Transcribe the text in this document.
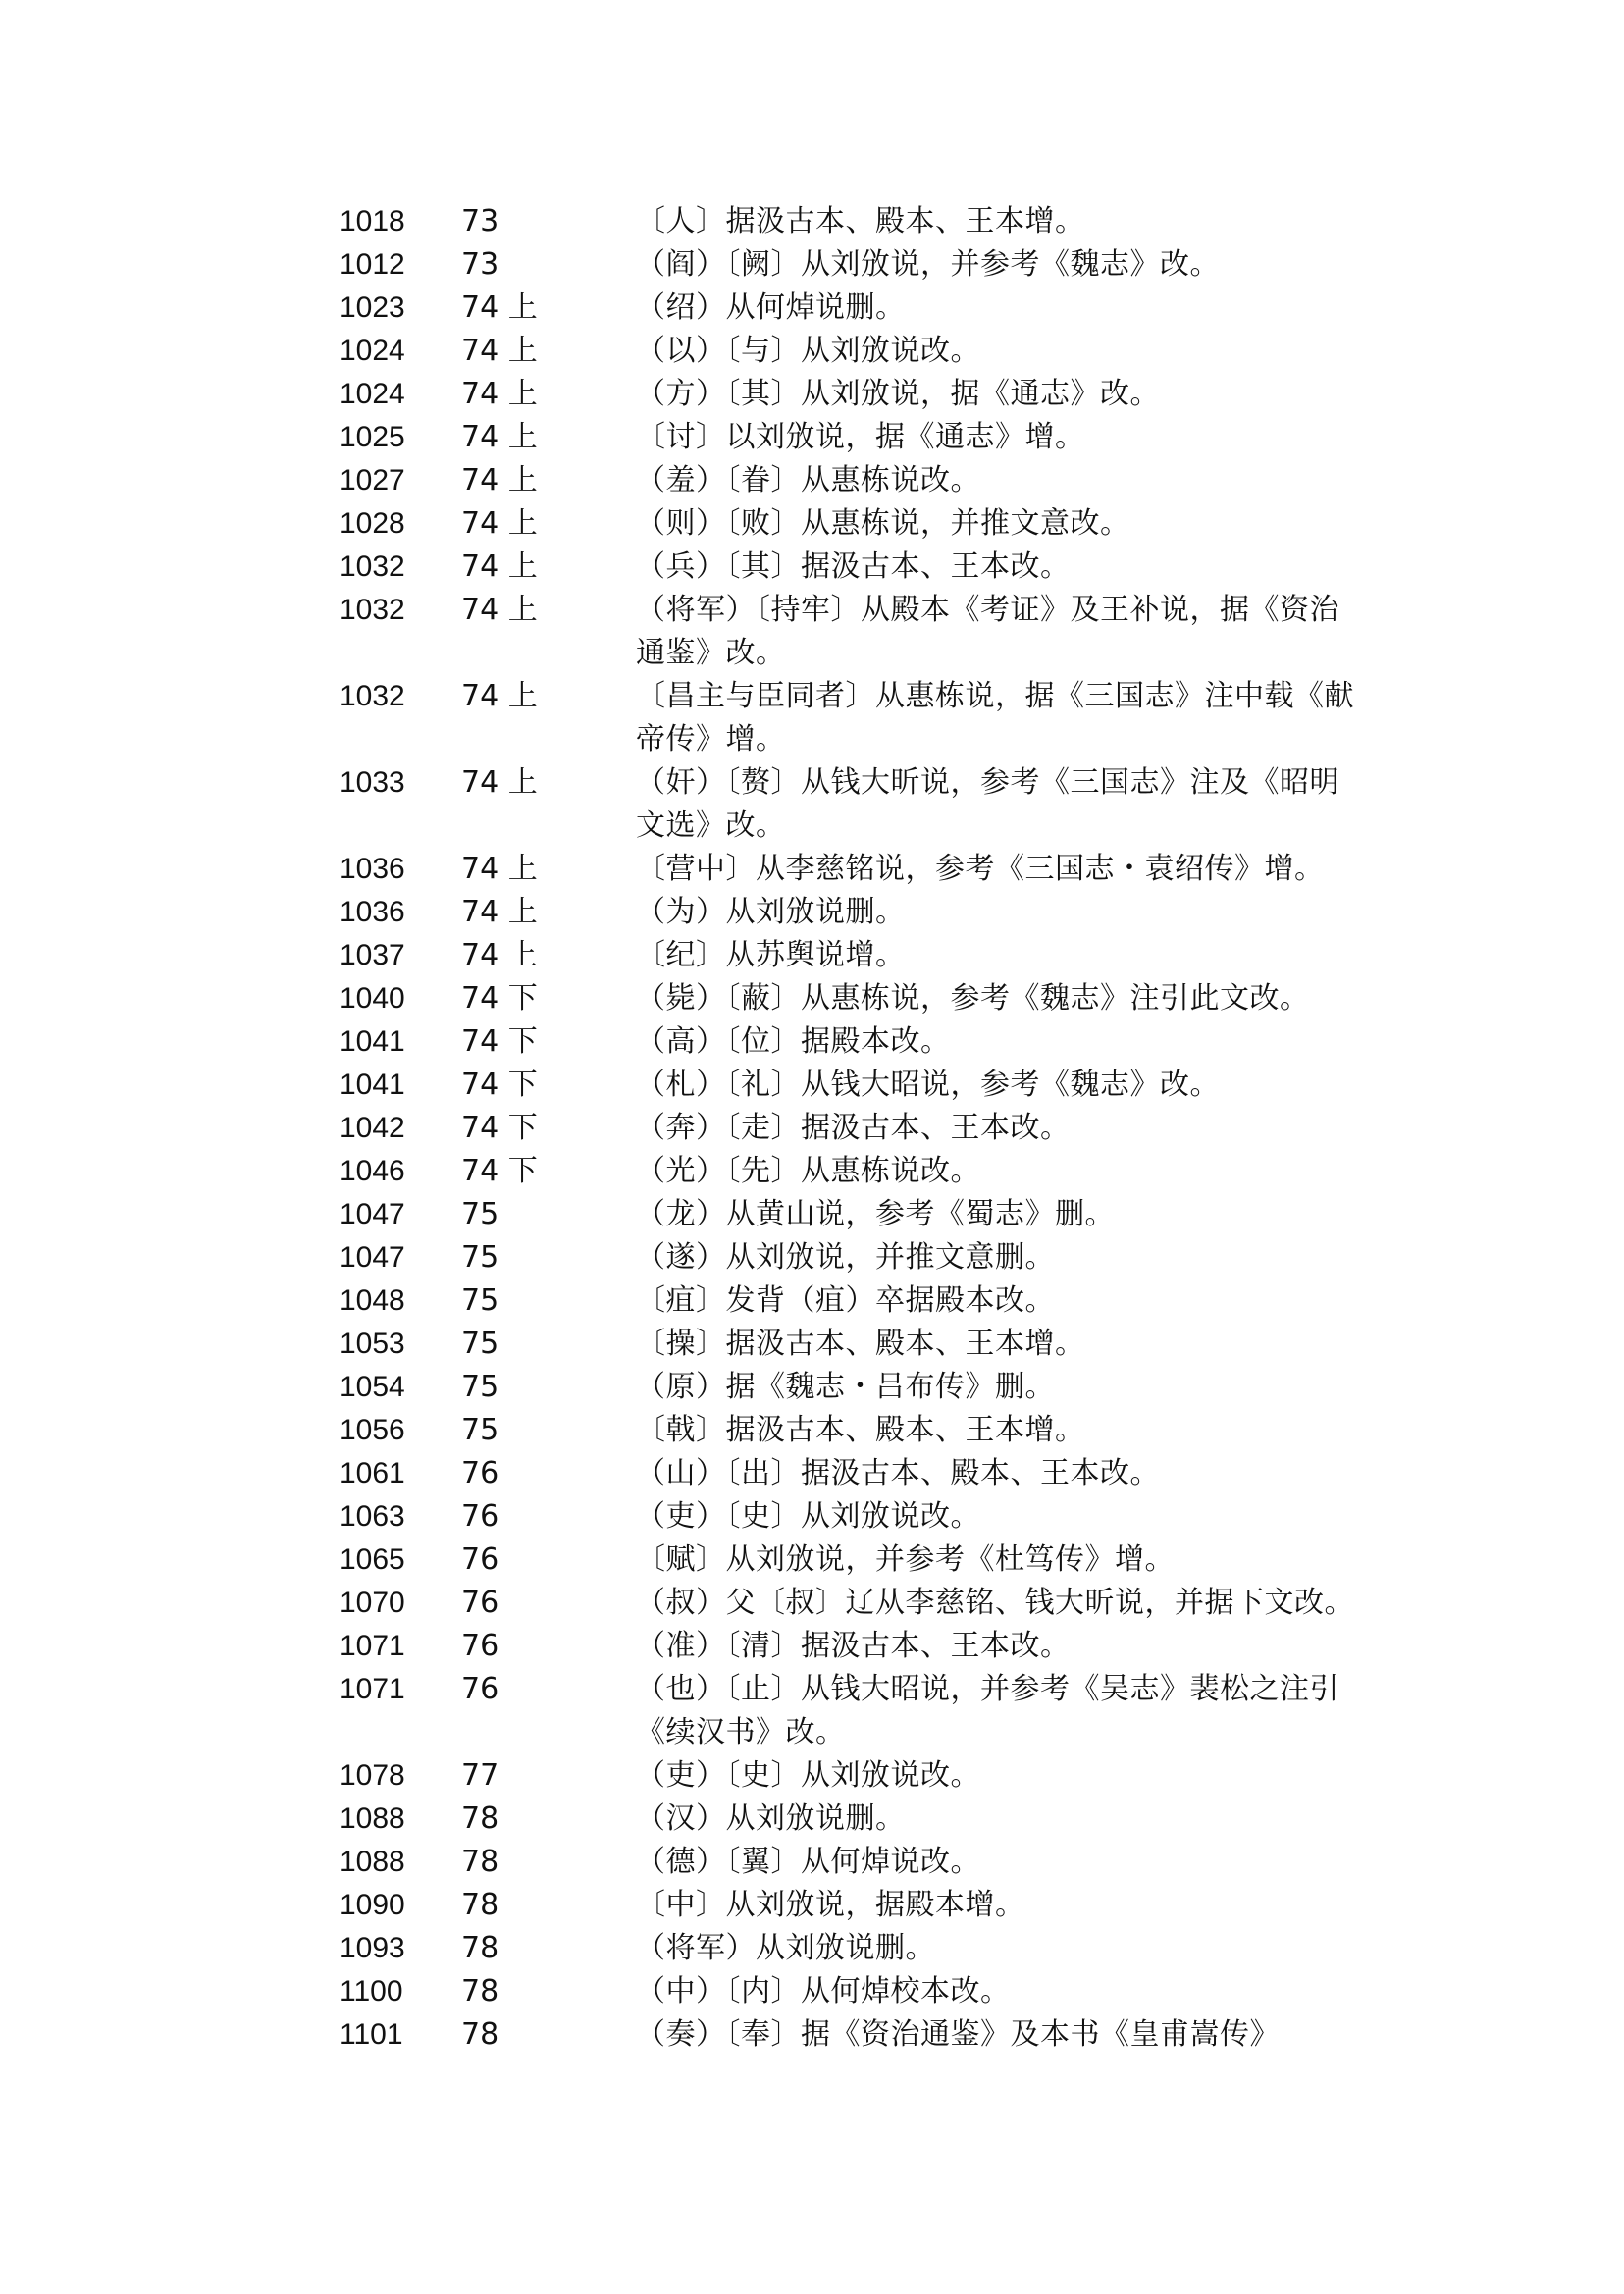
1018 73	〔人〕据汲古本、殿本、王本增。
1012 73	（阎）〔阙〕从刘攽说，并参考《魏志》改。
1023 74 上	（绍）从何焯说删。
1024 74 上	（以）〔与〕从刘攽说改。
1024 74 上	（方）〔其〕从刘攽说，据《通志》改。
1025 74 上	〔讨〕以刘攽说，据《通志》增。
1027 74 上	（羞）〔眷〕从惠栋说改。
1028 74 上	（则）〔败〕从惠栋说，并推文意改。
1032 74 上	（兵）〔其〕据汲古本、王本改。
1032 74 上	（将军）〔持牢〕从殿本《考证》及王补说，据《资治通鉴》改。
1032 74 上	〔昌主与臣同者〕从惠栋说，据《三国志》注中载《献帝传》增。
1033 74 上	（奸）〔赘〕从钱大昕说，参考《三国志》注及《昭明文选》改。
1036 74 上	〔营中〕从李慈铭说，参考《三国志・袁绍传》增。
1036 74 上	（为）从刘攽说删。
1037 74 上	〔纪〕从苏舆说增。
1040 74 下	（毙）〔蔽〕从惠栋说，参考《魏志》注引此文改。
1041 74 下	（高）〔位〕据殿本改。
1041 74 下	（札）〔礼〕从钱大昭说，参考《魏志》改。
1042 74 下	（奔）〔走〕据汲古本、王本改。
1046 74 下	（光）〔先〕从惠栋说改。
1047 75	（龙）从黄山说，参考《蜀志》删。
1047 75	（遂）从刘攽说，并推文意删。
1048 75	〔疽〕发背（疽）卒据殿本改。
1053 75	〔操〕据汲古本、殿本、王本增。
1054 75	（原）据《魏志・吕布传》删。
1056 75	〔戟〕据汲古本、殿本、王本增。
1061 76	（山）〔出〕据汲古本、殿本、王本改。
1063 76	（吏）〔史〕从刘攽说改。
1065 76	〔赋〕从刘攽说，并参考《杜笃传》增。
1070 76	（叔）父〔叔〕辽从李慈铭、钱大昕说，并据下文改。
1071 76	（准）〔清〕据汲古本、王本改。
1071 76	（也）〔止〕从钱大昭说，并参考《吴志》裴松之注引《续汉书》改。
1078 77	（吏）〔史〕从刘攽说改。
1088 78	（汉）从刘攽说删。
1088 78	（德）〔翼〕从何焯说改。
1090 78	〔中〕从刘攽说，据殿本增。
1093 78	（将军）从刘攽说删。
1100 78	（中）〔内〕从何焯校本改。
1101 78	（奏）〔奉〕据《资治通鉴》及本书《皇甫嵩传》
